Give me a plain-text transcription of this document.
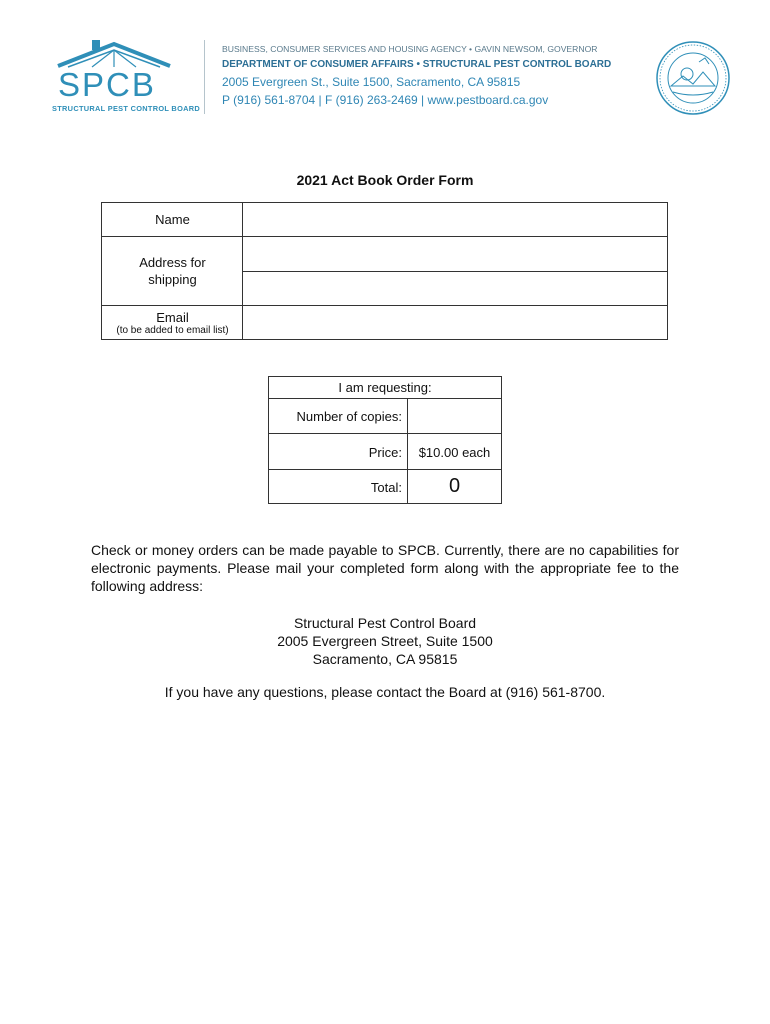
SPCB
STRUCTURAL PEST CONTROL BOARD
BUSINESS, CONSUMER SERVICES AND HOUSING AGENCY • GAVIN NEWSOM, GOVERNOR
DEPARTMENT OF CONSUMER AFFAIRS • STRUCTURAL PEST CONTROL BOARD
2005 Evergreen St., Suite 1500, Sacramento, CA 95815
P (916) 561-8704 | F (916) 263-2469 | www.pestboard.ca.gov
2021 Act Book Order Form
Name
Address for
shipping
Email
(to be added to email list)
I am requesting:
Number of copies:
Price:	$10.00 each
Total:	0
Check or money orders can be made payable to SPCB. Currently, there are no capabilities for electronic payments. Please mail your completed form along with the appropriate fee to the following address:
Structural Pest Control Board
2005 Evergreen Street, Suite 1500
Sacramento, CA 95815
If you have any questions, please contact the Board at (916) 561-8700.
